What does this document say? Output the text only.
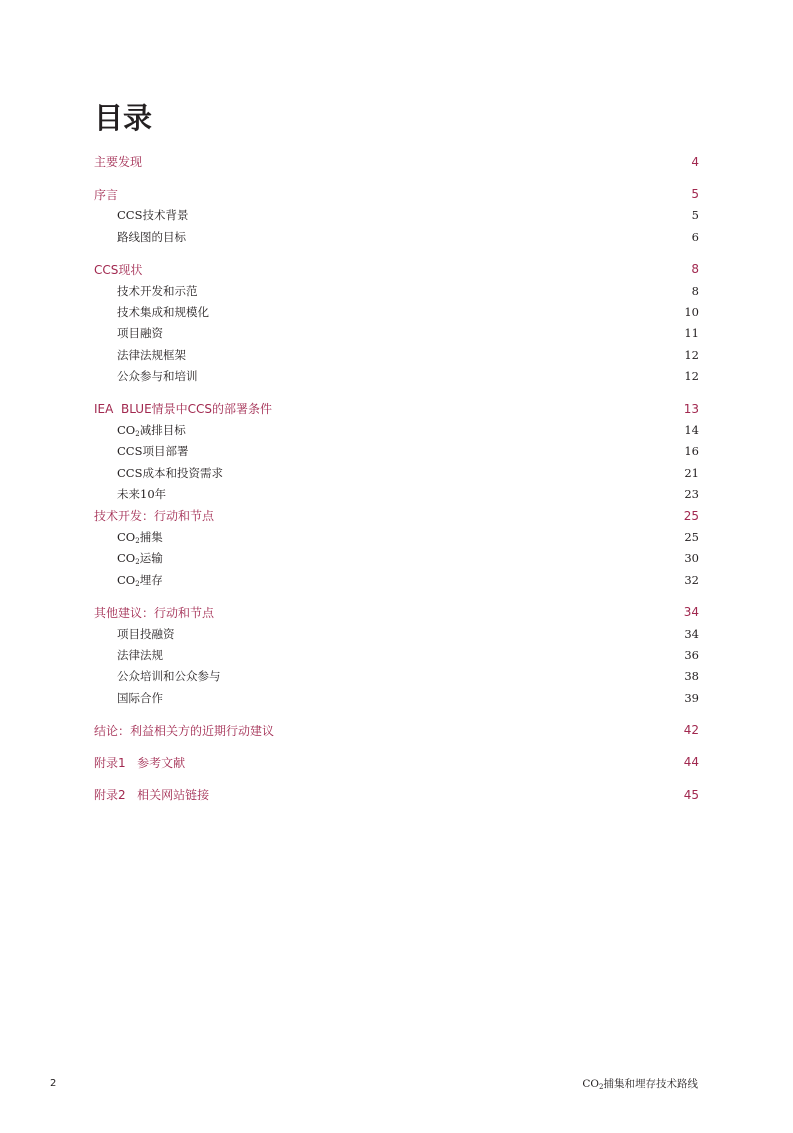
目录
主要发现	4
序言	5
CCS技术背景	5
路线图的目标	6
CCS现状	8
技术开发和示范	8
技术集成和规模化	10
项目融资	11
法律法规框架	12
公众参与和培训	12
IEA  BLUE情景中CCS的部署条件	13
$CO_2$减排目标	14
CCS项目部署	16
CCS成本和投资需求	21
未来10年	23
技术开发：行动和节点	25
$CO_2$捕集	25
$CO_2$运输	30
$CO_2$埋存	32
其他建议：行动和节点	34
项目投融资	34
法律法规	36
公众培训和公众参与	38
国际合作	39
结论：利益相关方的近期行动建议	42
附录1   参考文献	44
附录2   相关网站链接	45
2	$CO_2$捕集和埋存技术路线
